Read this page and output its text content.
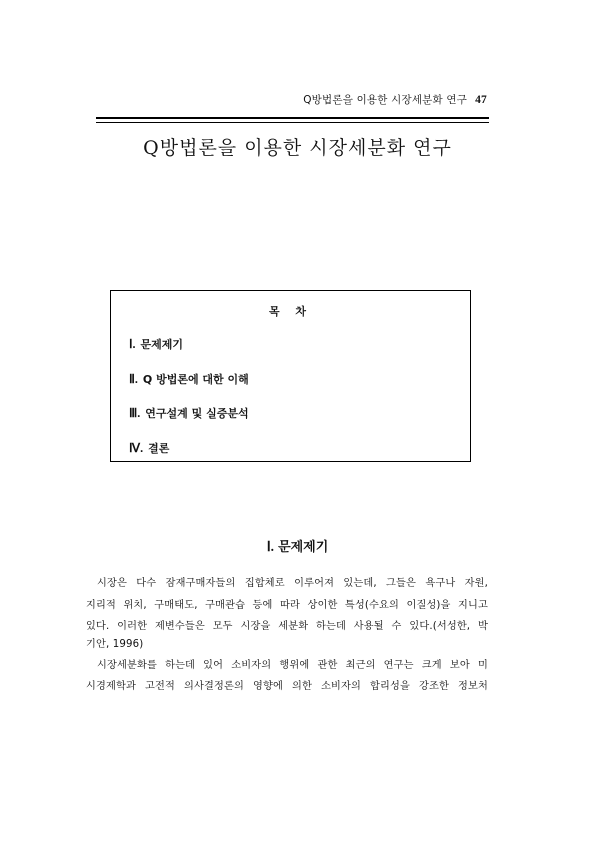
Q방법론을 이용한 시장세분화 연구 47
Q방법론을 이용한 시장세분화 연구
목 차
Ⅰ. 문제제기
Ⅱ. Q 방법론에 대한 이해
Ⅲ. 연구설계 및 실증분석
Ⅳ. 결론
Ⅰ. 문제제기
시장은 다수 잠재구매자들의 집합체로 이루어져 있는데, 그들은 욕구나 자원,
지리적 위치, 구매태도, 구매관습 등에 따라 상이한 특성(수요의 이질성)을 지니고
있다. 이러한 제변수들은 모두 시장을 세분화 하는데 사용될 수 있다.(서성한, 박
기안, 1996)
시장세분화를 하는데 있어 소비자의 행위에 관한 최근의 연구는 크게 보아 미
시경제학과 고전적 의사결정론의 영향에 의한 소비자의 합리성을 강조한 정보처
